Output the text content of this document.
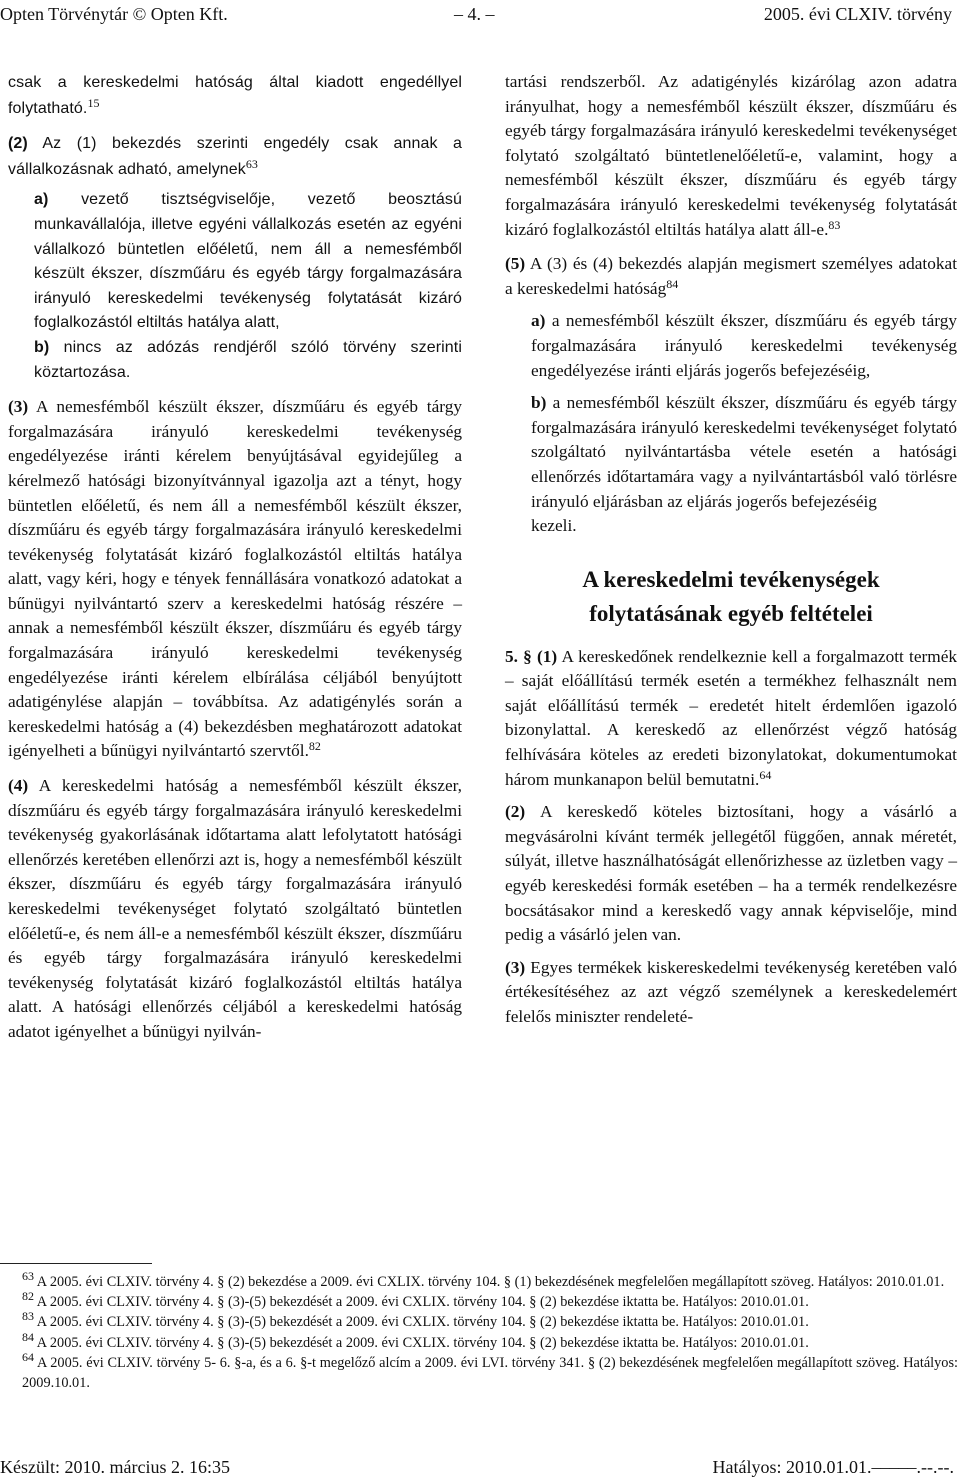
Opten Törvénytár © Opten Kft.	– 4. –	2005. évi CLXIV. törvény

csak a kereskedelmi hatóság által kiadott engedéllyel folytatható.$^{15}$

(2) Az (1) bekezdés szerinti engedély csak annak a vállalkozásnak adható, amelynek$^{63}$

a) vezető tisztségviselője, vezető beosztású munkavállalója, illetve egyéni vállalkozás esetén az egyéni vállalkozó büntetlen előéletű, nem áll a nemesfémből készült ékszer, díszműáru és egyéb tárgy forgalmazására irányuló kereskedelmi tevékenység folytatását kizáró foglalkozástól eltiltás hatálya alatt,

b) nincs az adózás rendjéről szóló törvény szerinti köztartozása.

(3) A nemesfémből készült ékszer, díszműáru és egyéb tárgy forgalmazására irányuló kereskedelmi tevékenység engedélyezése iránti kérelem benyújtásával egyidejűleg a kérelmező hatósági bizonyítvánnyal igazolja azt a tényt, hogy büntetlen előéletű, és nem áll a nemesfémből készült ékszer, díszműáru és egyéb tárgy forgalmazására irányuló kereskedelmi tevékenység folytatását kizáró foglalkozástól eltiltás hatálya alatt, vagy kéri, hogy e tények fennállására vonatkozó adatokat a bűnügyi nyilvántartó szerv a kereskedelmi hatóság részére – annak a nemesfémből készült ékszer, díszműáru és egyéb tárgy forgalmazására irányuló kereskedelmi tevékenység engedélyezése iránti kérelem elbírálása céljából benyújtott adatigénylése alapján – továbbítsa. Az adatigénylés során a kereskedelmi hatóság a (4) bekezdésben meghatározott adatokat igényelheti a bűnügyi nyilvántartó szervtől.$^{82}$

(4) A kereskedelmi hatóság a nemesfémből készült ékszer, díszműáru és egyéb tárgy forgalmazására irányuló kereskedelmi tevékenység gyakorlásának időtartama alatt lefolytatott hatósági ellenőrzés keretében ellenőrzi azt is, hogy a nemesfémből készült ékszer, díszműáru és egyéb tárgy forgalmazására irányuló kereskedelmi tevékenységet folytató szolgáltató büntetlen előéletű-e, és nem áll-e a nemesfémből készült ékszer, díszműáru és egyéb tárgy forgalmazására irányuló kereskedelmi tevékenység folytatását kizáró foglalkozástól eltiltás hatálya alatt. A hatósági ellenőrzés céljából a kereskedelmi hatóság adatot igényelhet a bűnügyi nyilván-

tartási rendszerből. Az adatigénylés kizárólag azon adatra irányulhat, hogy a nemesfémből készült ékszer, díszműáru és egyéb tárgy forgalmazására irányuló kereskedelmi tevékenységet folytató szolgáltató büntetlenelőéletű-e, valamint, hogy a nemesfémből készült ékszer, díszműáru és egyéb tárgy forgalmazására irányuló kereskedelmi tevékenység folytatását kizáró foglalkozástól eltiltás hatálya alatt áll-e.$^{83}$

(5) A (3) és (4) bekezdés alapján megismert személyes adatokat a kereskedelmi hatóság$^{84}$

a) a nemesfémből készült ékszer, díszműáru és egyéb tárgy forgalmazására irányuló kereskedelmi tevékenység engedélyezése iránti eljárás jogerős befejezéséig,

b) a nemesfémből készült ékszer, díszműáru és egyéb tárgy forgalmazására irányuló kereskedelmi tevékenységet folytató szolgáltató nyilvántartásba vétele esetén a hatósági ellenőrzés időtartamára vagy a nyilvántartásból való törlésre irányuló eljárásban az eljárás jogerős befejezéséig

kezeli.

A kereskedelmi tevékenységek
folytatásának egyéb feltételei

5. § (1) A kereskedőnek rendelkeznie kell a forgalmazott termék – saját előállítású termék esetén a termékhez felhasznált nem saját előállítású termék – eredetét hitelt érdemlően igazoló bizonylattal. A kereskedő az ellenőrzést végző hatóság felhívására köteles az eredeti bizonylatokat, dokumentumokat három munkanapon belül bemutatni.$^{64}$

(2) A kereskedő köteles biztosítani, hogy a vásárló a megvásárolni kívánt termék jellegétől függően, annak méretét, súlyát, illetve használhatóságát ellenőrizhesse az üzletben vagy – egyéb kereskedési formák esetében – ha a termék rendelkezésre bocsátásakor mind a kereskedő vagy annak képviselője, mind pedig a vásárló jelen van.

(3) Egyes termékek kiskereskedelmi tevékenység keretében való értékesítéséhez az azt végző személynek a kereskedelemért felelős miniszter rendeleté-

$^{63}$ A 2005. évi CLXIV. törvény 4. § (2) bekezdése a 2009. évi CXLIX. törvény 104. § (1) bekezdésének megfelelően megállapított szöveg. Hatályos: 2010.01.01.

$^{82}$ A 2005. évi CLXIV. törvény 4. § (3)-(5) bekezdését a 2009. évi CXLIX. törvény 104. § (2) bekezdése iktatta be. Hatályos: 2010.01.01.

$^{83}$ A 2005. évi CLXIV. törvény 4. § (3)-(5) bekezdését a 2009. évi CXLIX. törvény 104. § (2) bekezdése iktatta be. Hatályos: 2010.01.01.

$^{84}$ A 2005. évi CLXIV. törvény 4. § (3)-(5) bekezdését a 2009. évi CXLIX. törvény 104. § (2) bekezdése iktatta be. Hatályos: 2010.01.01.

$^{64}$ A 2005. évi CLXIV. törvény 5- 6. §-a, és a 6. §-t megelőző alcím a 2009. évi LVI. törvény 341. § (2) bekezdésének megfelelően megállapított szöveg. Hatályos: 2009.10.01.

Készült: 2010. március 2. 16:35	Hatályos: 2010.01.01.–––––.--.--.
